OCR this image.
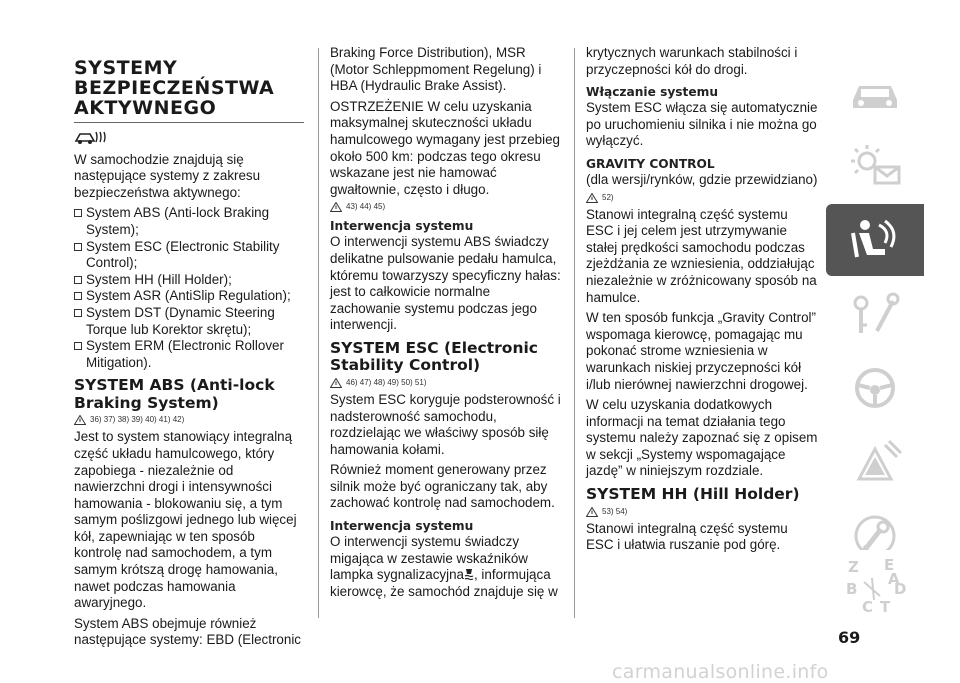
SYSTEMY
BEZPIECZEŃSTWA
AKTYWNEGO

W samochodzie znajdują się następujące systemy z zakresu bezpieczeństwa aktywnego:

System ABS (Anti-lock Braking System);
System ESC (Electronic Stability Control);
System HH (Hill Holder);
System ASR (AntiSlip Regulation);
System DST (Dynamic Steering Torque lub Korektor skrętu);
System ERM (Electronic Rollover Mitigation).
SYSTEM ABS (Anti-lock Braking System)
36) 37) 38) 39) 40) 41) 42)

Jest to system stanowiący integralną część układu hamulcowego, który zapobiega - niezależnie od nawierzchni drogi i intensywności hamowania - blokowaniu się, a tym samym poślizgowi jednego lub więcej kół, zapewniając w ten sposób kontrolę nad samochodem, a tym samym krótszą drogę hamowania, nawet podczas hamowania awaryjnego.

System ABS obejmuje również następujące systemy: EBD (Electronic

Braking Force Distribution), MSR (Motor Schleppmoment Regelung) i HBA (Hydraulic Brake Assist).

OSTRZEŻENIE W celu uzyskania maksymalnej skuteczności układu hamulcowego wymagany jest przebieg około 500 km: podczas tego okresu wskazane jest nie hamować gwałtownie, często i długo.

43) 44) 45)
Interwencja systemu

O interwencji systemu ABS świadczy delikatne pulsowanie pedału hamulca, któremu towarzyszy specyficzny hałas: jest to całkowicie normalne zachowanie systemu podczas jego interwencji.

SYSTEM ESC (Electronic Stability Control)
46) 47) 48) 49) 50) 51)

System ESC koryguje podsterowność i nadsterowność samochodu, rozdzielając we właściwy sposób siłę hamowania kołami.

Również moment generowany przez silnik może być ograniczany tak, aby zachować kontrolę nad samochodem.

Interwencja systemu

O interwencji systemu świadczy migająca w zestawie wskaźników lampka sygnalizacyjna , informująca kierowcę, że samochód znajduje się w

krytycznych warunkach stabilności i przyczepności kół do drogi.

Włączanie systemu

System ESC włącza się automatycznie po uruchomieniu silnika i nie można go wyłączyć.

GRAVITY CONTROL

(dla wersji/rynków, gdzie przewidziano)

52)

Stanowi integralną część systemu ESC i jej celem jest utrzymywanie stałej prędkości samochodu podczas zjeżdżania ze wzniesienia, oddziałując niezależnie w zróżnicowany sposób na hamulce.

W ten sposób funkcja „Gravity Control” wspomaga kierowcę, pomagając mu pokonać strome wzniesienia w warunkach niskiej przyczepności kół i/lub nierównej nawierzchni drogowej.

W celu uzyskania dodatkowych informacji na temat działania tego systemu należy zapoznać się z opisem w sekcji „Systemy wspomagające jazdę” w niniejszym rozdziale.

SYSTEM HH (Hill Holder)
53) 54)

Stanowi integralną część systemu ESC i ułatwia ruszanie pod górę.

Z E
B
C T
D
A
69
carmanualsonline.info
